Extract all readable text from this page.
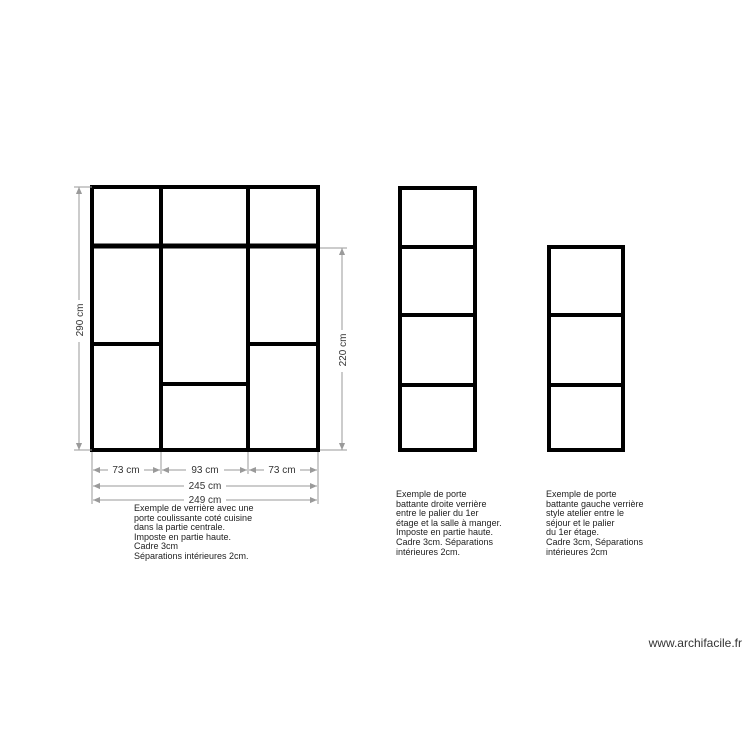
290 cm
220 cm
73 cm	93 cm	73 cm
245 cm
249 cm

Exemple de verrière avec une
porte coulissante coté cuisine
dans la partie centrale.
Imposte en partie haute.
Cadre 3cm
Séparations intérieures 2cm.

Exemple de porte
battante droite verrière
entre le palier du 1er
étage et la salle à manger.
Imposte en partie haute.
Cadre 3cm. Séparations
intérieures 2cm.

Exemple de porte
battante gauche verrière
style atelier entre le
séjour et le palier
du 1er étage.
Cadre 3cm, Séparations
intérieures 2cm

www.archifacile.fr
